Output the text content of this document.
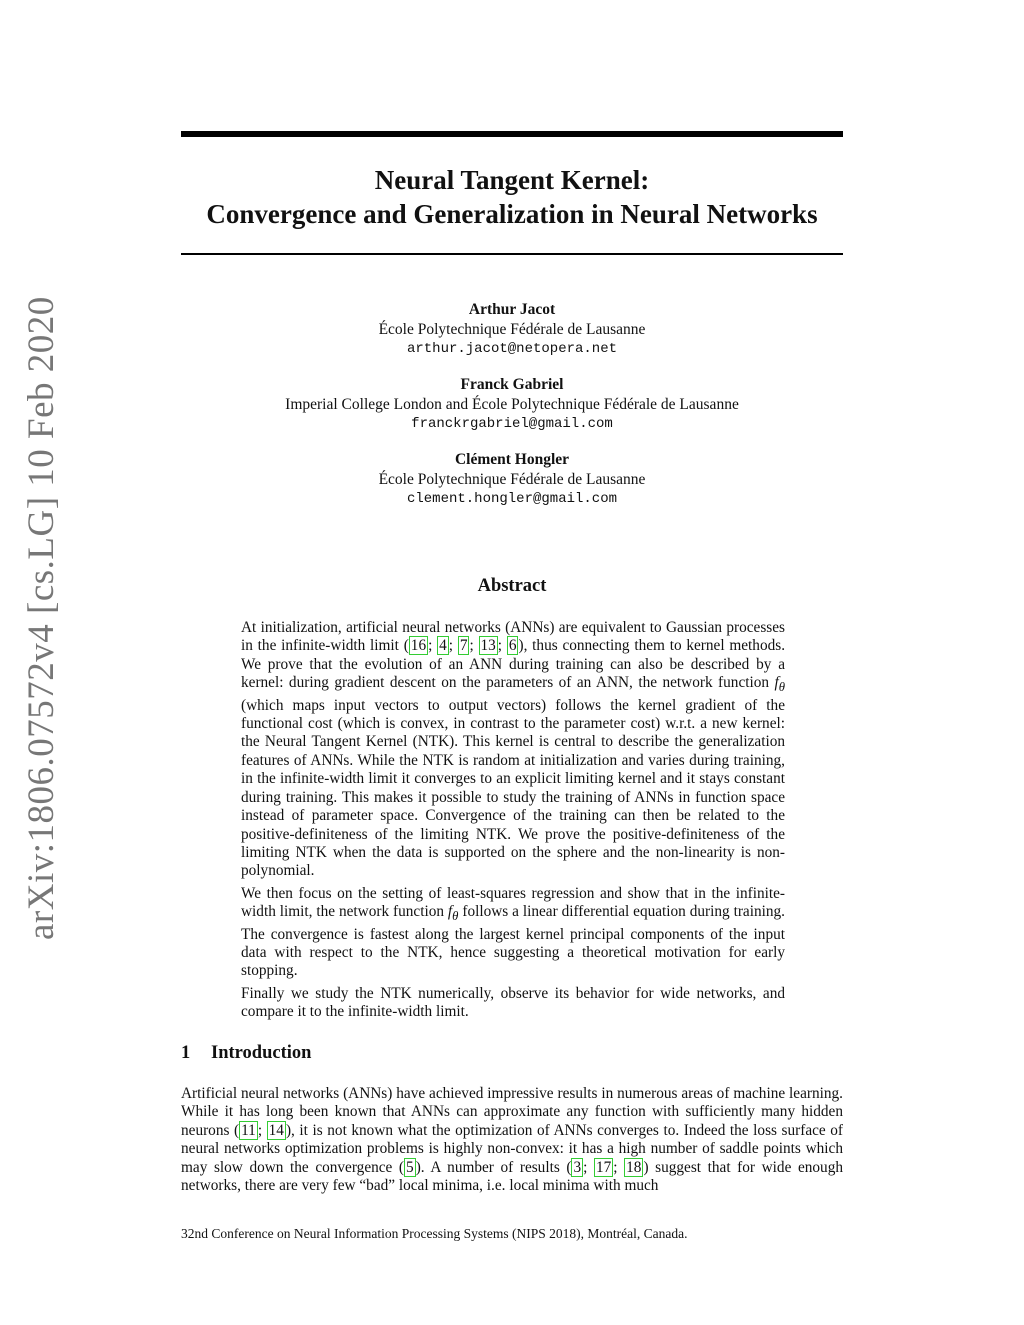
arXiv:1806.07572v4 [cs.LG] 10 Feb 2020
Neural Tangent Kernel:
Convergence and Generalization in Neural Networks
Arthur Jacot
École Polytechnique Fédérale de Lausanne
arthur.jacot@netopera.net
Franck Gabriel
Imperial College London and École Polytechnique Fédérale de Lausanne
franckrgabriel@gmail.com
Clément Hongler
École Polytechnique Fédérale de Lausanne
clement.hongler@gmail.com
Abstract

At initialization, artificial neural networks (ANNs) are equivalent to Gaussian processes in the infinite-width limit ( 16 ; 4 ; 7 ; 13 ; 6 ), thus connecting them to kernel methods. We prove that the evolution of an ANN during training can also be described by a kernel: during gradient descent on the parameters of an ANN, the network function $f_\theta$ (which maps input vectors to output vectors) follows the kernel gradient of the functional cost (which is convex, in contrast to the parameter cost) w.r.t. a new kernel: the Neural Tangent Kernel (NTK). This kernel is central to describe the generalization features of ANNs. While the NTK is random at initialization and varies during training, in the infinite-width limit it converges to an explicit limiting kernel and it stays constant during training. This makes it possible to study the training of ANNs in function space instead of parameter space. Convergence of the training can then be related to the positive-definiteness of the limiting NTK. We prove the positive-definiteness of the limiting NTK when the data is supported on the sphere and the non-linearity is non-polynomial.

We then focus on the setting of least-squares regression and show that in the infinite-width limit, the network function $f_\theta$ follows a linear differential equation during training. The convergence is fastest along the largest kernel principal components of the input data with respect to the NTK, hence suggesting a theoretical motivation for early stopping.

Finally we study the NTK numerically, observe its behavior for wide networks, and compare it to the infinite-width limit.

1 Introduction

Artificial neural networks (ANNs) have achieved impressive results in numerous areas of machine learning. While it has long been known that ANNs can approximate any function with sufficiently many hidden neurons ( 11 ; 14 ), it is not known what the optimization of ANNs converges to. Indeed the loss surface of neural networks optimization problems is highly non-convex: it has a high number of saddle points which may slow down the convergence ( 5 ). A number of results ( 3 ; 17 ; 18 ) suggest that for wide enough networks, there are very few “bad” local minima, i.e. local minima with much

32nd Conference on Neural Information Processing Systems (NIPS 2018), Montréal, Canada.
